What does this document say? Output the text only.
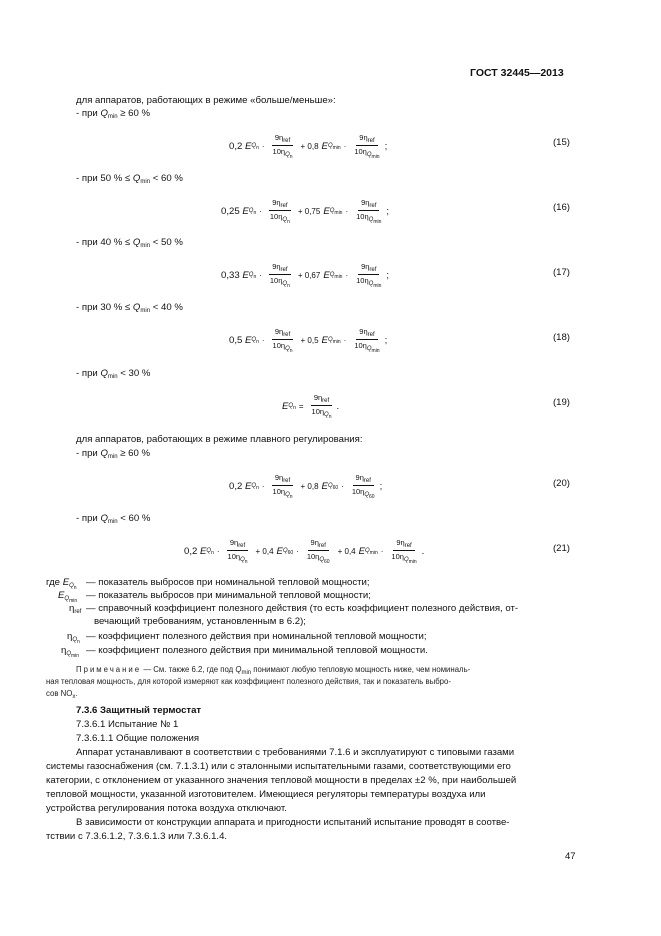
ГОСТ 32445—2013
для аппаратов, работающих в режиме «больше/меньше»:
- при $Q_{min} \ge 60$ %
0,2
E $Q_n \cdot \frac{9\eta_{ref}}{10\eta_{Q_n}} + 0,8$ E $Q_{min} \cdot \frac{9\eta_{ref}}{10\eta_{Q_{min}}}$ ;	(15)
- при 50 % ≤ $Q_{min} < 60$ %
0,25
E $Q_n \cdot \frac{9\eta_{ref}}{10\eta_{Q_n}} + 0,75$ E $Q_{min} \cdot \frac{9\eta_{ref}}{10\eta_{Q_{min}}}$ ;	(16)
- при 40 % ≤ $Q_{min} < 50$ %
0,33
E $Q_n \cdot \frac{9\eta_{ref}}{10\eta_{Q_n}} + 0,67$ E $Q_{min} \cdot \frac{9\eta_{ref}}{10\eta_{Q_{min}}}$ ;	(17)
- при 30 % ≤ $Q_{min} < 40$ %
0,5
E $Q_n \cdot \frac{9\eta_{ref}}{10\eta_{Q_n}} + 0,5$ E $Q_{min} \cdot \frac{9\eta_{ref}}{10\eta_{Q_{min}}}$ ;	(18)
- при $Q_{min} < 30$ %
E $Q_n = \frac{9\eta_{ref}}{10\eta_{Q_n}}$ .	(19)
для аппаратов, работающих в режиме плавного регулирования:
- при $Q_{min} \ge 60$ %
0,2
E $Q_n \cdot \frac{9\eta_{ref}}{10\eta_{Q_n}} + 0,8$ E $Q_{60} \cdot \frac{9\eta_{ref}}{10\eta_{Q_{60}}}$ ;	(20)
- при $Q_{min} < 60$ %
0,2
E $Q_n \cdot \frac{9\eta_{ref}}{10\eta_{Q_n}} + 0,4$ E $Q_{60} \cdot \frac{9\eta_{ref}}{10\eta_{Q_{60}}} + 0,4$ E $Q_{min} \cdot \frac{9\eta_{ref}}{10\eta_{Q_{min}}}$ .	(21)
где $E_{Q_n}$ — показатель выбросов при номинальной тепловой мощности;
$E_{Q_{min}}$ — показатель выбросов при минимальной тепловой мощности;
$\eta_{ref}$ — справочный коэффициент полезного действия (то есть коэффициент полезного действия, от-
вечающий требованиям, установленным в 6.2);
$\eta_{Q_n}$ — коэффициент полезного действия при номинальной тепловой мощности;
$\eta_{Q_{min}}$ — коэффициент полезного действия при минимальной тепловой мощности.
Примечание — См. также 6.2, где под $Q_{min}$ понимают любую тепловую мощность ниже, чем номиналь-
ная тепловая мощность, для которой измеряют как коэффициент полезного действия, так и показатель выбро-
сов $NO_x$.
7.3.6 Защитный термостат
7.3.6.1 Испытание № 1
7.3.6.1.1 Общие положения
Аппарат устанавливают в соответствии с требованиями 7.1.6 и эксплуатируют с типовыми газами
системы газоснабжения (см. 7.1.3.1) или с эталонными испытательными газами, соответствующими его
категории, с отклонением от указанного значения тепловой мощности в пределах ±2 %, при наибольшей
тепловой мощности, указанной изготовителем. Имеющиеся регуляторы температуры воздуха или
устройства регулирования потока воздуха отключают.
В зависимости от конструкции аппарата и пригодности испытаний испытание проводят в соотве-
тствии с 7.3.6.1.2, 7.3.6.1.3 или 7.3.6.1.4.
47
